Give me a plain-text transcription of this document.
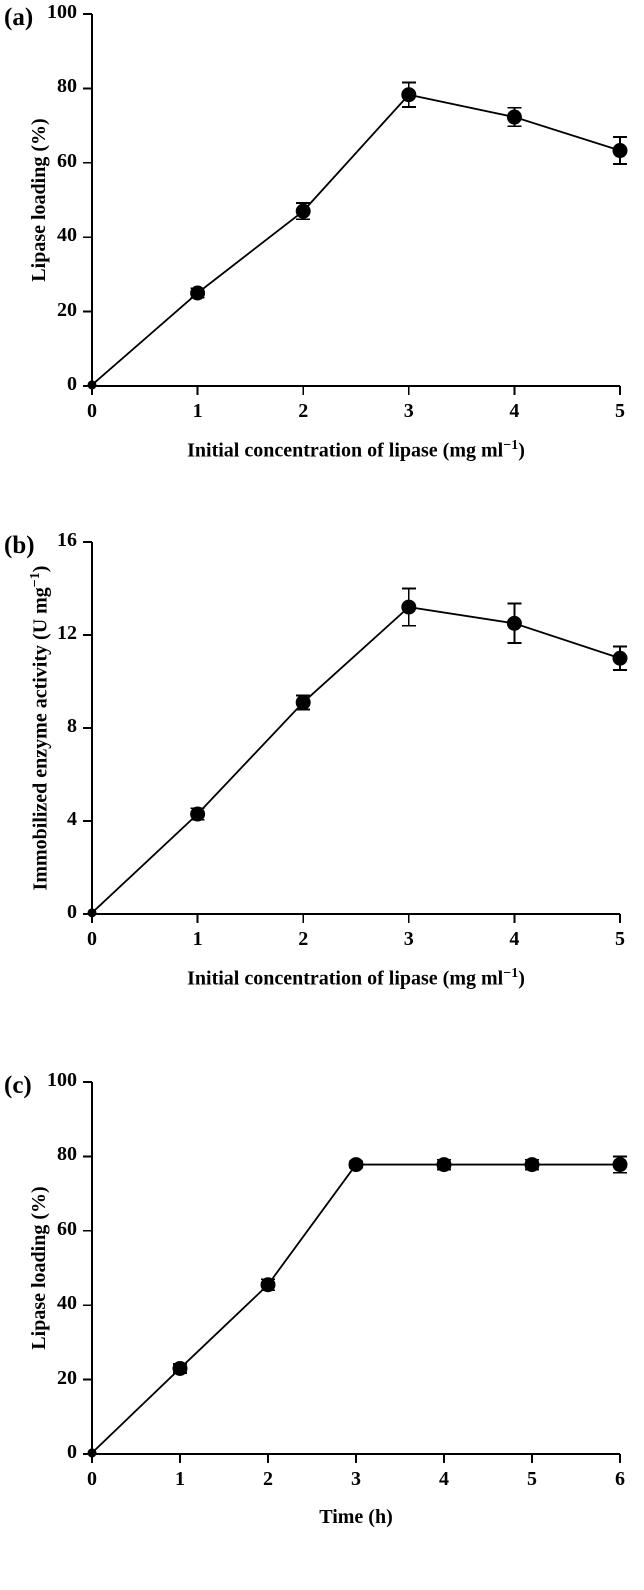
(a)
0	1	2	3	4	5
0
20
40
60
80
100
Initial concentration of lipase (mg $ml^{-1}$)
Lipase loading (%)
(b)
0	1	2	3	4	5
0
4
8
12
16
Initial concentration of lipase (mg $ml^{-1}$)
Immobilized enzyme activity (U $mg^{-1}$)
(c)
0	1	2	3	4	5	6
0
20
40
60
80
100
Time (h)
Lipase loading (%)
